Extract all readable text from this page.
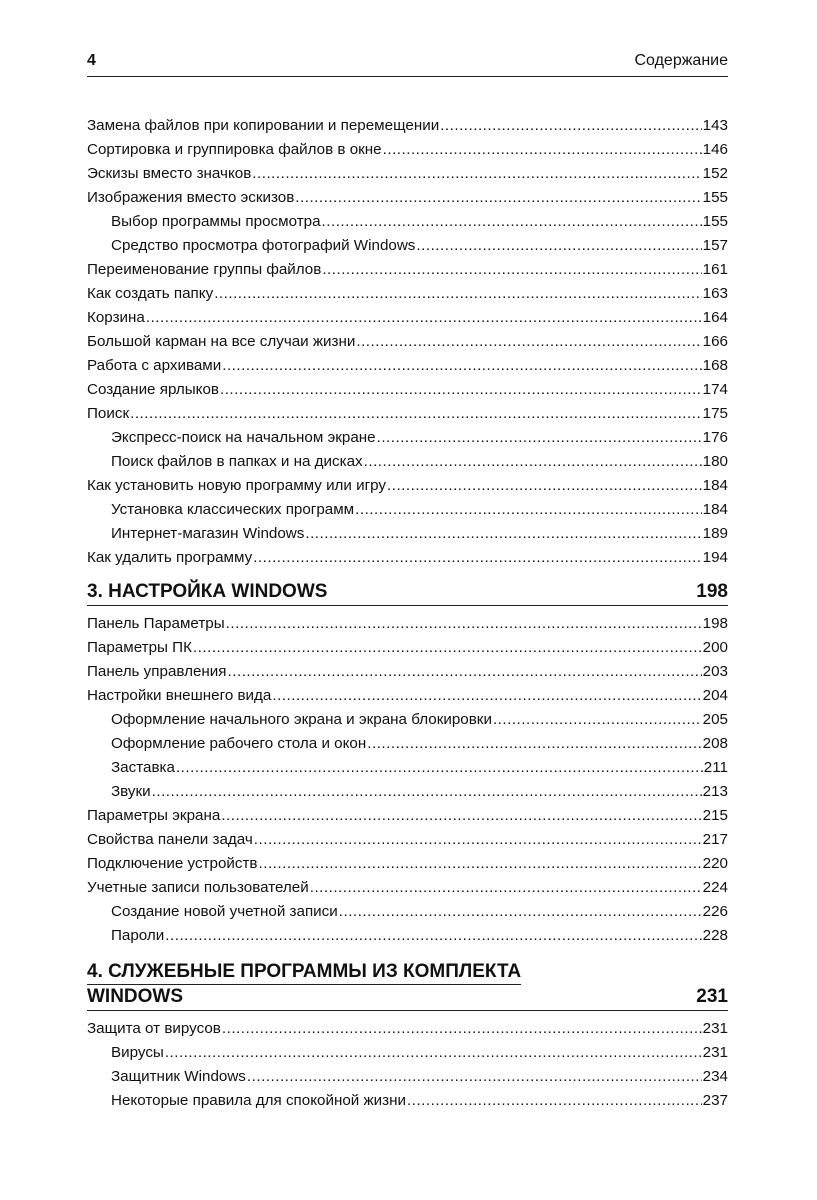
4	Содержание
Замена файлов при копировании и перемещении .....	143
Сортировка и группировка файлов в окне .....	146
Эскизы вместо значков .....	152
Изображения вместо эскизов .....	155
Выбор программы просмотра .....	155
Средство просмотра фотографий Windows .....	157
Переименование группы файлов .....	161
Как создать папку .....	163
Корзина .....	164
Большой карман на все случаи жизни .....	166
Работа с архивами .....	168
Создание ярлыков .....	174
Поиск .....	175
Экспресс-поиск на начальном экране .....	176
Поиск файлов в папках и на дисках .....	180
Как установить новую программу или игру .....	184
Установка классических программ .....	184
Интернет-магазин Windows .....	189
Как удалить программу .....	194
3. НАСТРОЙКА WINDOWS	198
Панель Параметры .....	198
Параметры ПК .....	200
Панель управления .....	203
Настройки внешнего вида .....	204
Оформление начального экрана и экрана блокировки .....	205
Оформление рабочего стола и окон .....	208
Заставка .....	211
Звуки .....	213
Параметры экрана .....	215
Свойства панели задач .....	217
Подключение устройств .....	220
Учетные записи пользователей .....	224
Создание новой учетной записи .....	226
Пароли .....	228
4. СЛУЖЕБНЫЕ ПРОГРАММЫ ИЗ КОМПЛЕКТА
WINDOWS	231
Защита от вирусов .....	231
Вирусы .....	231
Защитник Windows .....	234
Некоторые правила для спокойной жизни .....	237
